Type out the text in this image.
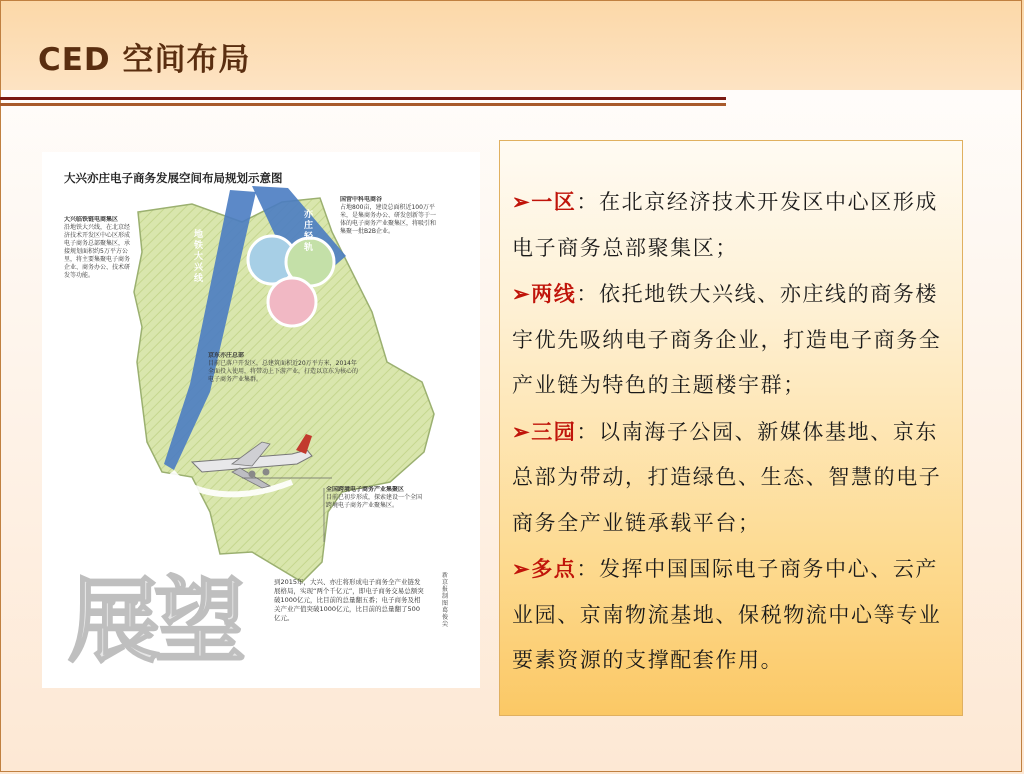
CED 空间布局
大兴亦庄电子商务发展空间布局规划示意图
大兴临铁链电商集区
沿地铁大兴线，在北京经济技术开发区中心区形成电子商务总部聚集区，承接规划面积约5万平方公里，将主要集聚电子商务企业、商务办公、技术研发等功能。
国营中科电商谷
占地800亩，建设总面积近100万平米，是集商务办公、研发创新等于一体的电子商务产业聚集区，将吸引和集聚一批B2B企业。
京东亦庄总部
目前已落户开发区，总建筑面积近20万平方米，2014年全面投入使用，将带动上下游产业，打造以京东为核心的电子商务产业集群。
全国跨境电子商务产业集聚区
目前已初步形成，探索建设一个全国跨境电子商务产业聚集区。
展望	到2015年，大兴、亦庄将形成电子商务全产业链发展格局，实现“两个千亿元”，即电子商务交易总额突破1000亿元，比目前的总量翻五番；电子商务及相关产业产值突破1000亿元，比目前的总量翻了500亿元。
新京报制图 葛俊尖
地铁大兴线
亦庄轻轨

➢一区：在北京经济技术开发区中心区形成电子商务总部聚集区；

➢两线：依托地铁大兴线、亦庄线的商务楼宇优先吸纳电子商务企业，打造电子商务全产业链为特色的主题楼宇群；

➢三园：以南海子公园、新媒体基地、京东总部为带动，打造绿色、生态、智慧的电子商务全产业链承载平台；

➢多点：发挥中国国际电子商务中心、云产业园、京南物流基地、保税物流中心等专业要素资源的支撑配套作用。
